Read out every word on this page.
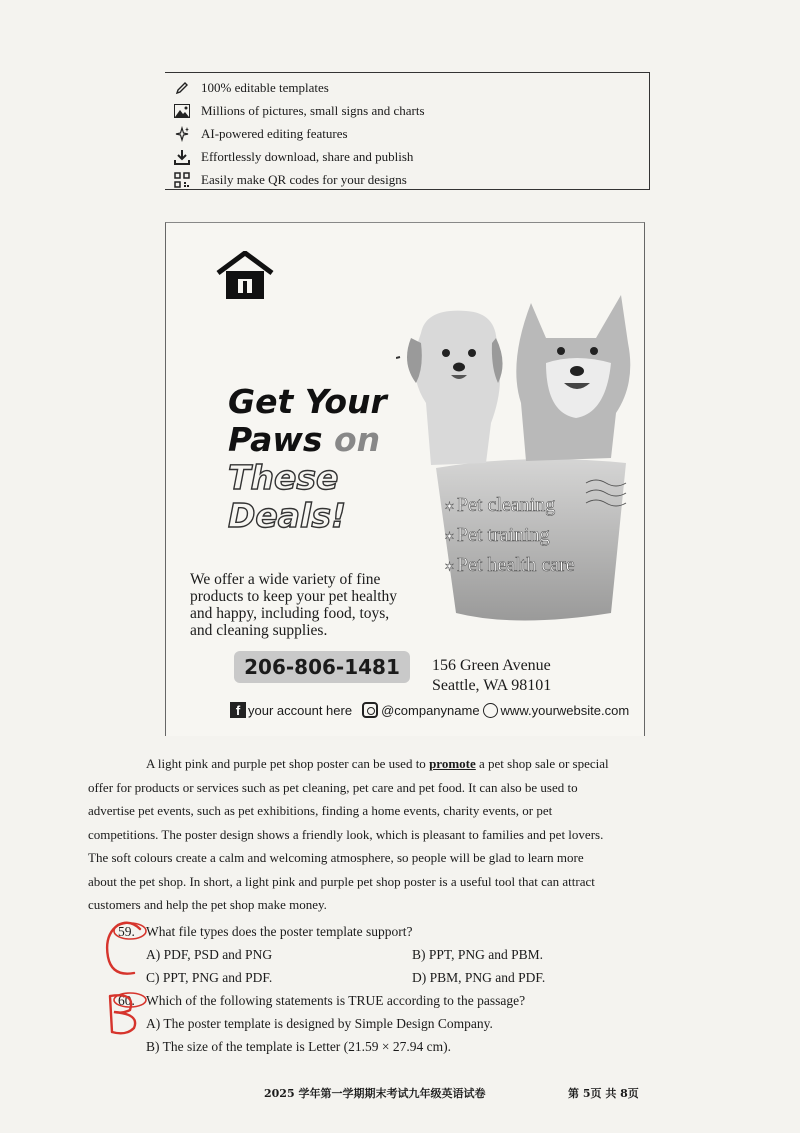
100% editable templates
Millions of pictures, small signs and charts
AI-powered editing features
Effortlessly download, share and publish
Easily make QR codes for your designs
Get Your
Paws on
These
Deals!
✶	Pet cleaning
✶ Pet training
✶ Pet health care
We offer a wide variety of fine
products to keep your pet healthy
and happy, including food, toys,
and cleaning supplies.
206-806-1481	156 Green Avenue
Seattle, WA 98101
f your account here @companyname www.yourwebsite.com
A light pink and purple pet shop poster can be used to promote a pet shop sale or special
offer for products or services such as pet cleaning, pet care and pet food. It can also be used to
advertise pet events, such as pet exhibitions, finding a home events, charity events, or pet
competitions. The poster design shows a friendly look, which is pleasant to families and pet lovers.
The soft colours create a calm and welcoming atmosphere, so people will be glad to learn more
about the pet shop. In short, a light pink and purple pet shop poster is a useful tool that can attract
customers and help the pet shop make money.
59. What file types does the poster template support?
A) PDF, PSD and PNG	B) PPT, PNG and PBM.
C) PPT, PNG and PDF.	D) PBM, PNG and PDF.
60. Which of the following statements is TRUE according to the passage?
A) The poster template is designed by Simple Design Company.
B) The size of the template is Letter (21.59 × 27.94 cm).
2025 学年第一学期期末考试九年级英语试卷	第 5页 共 8页
